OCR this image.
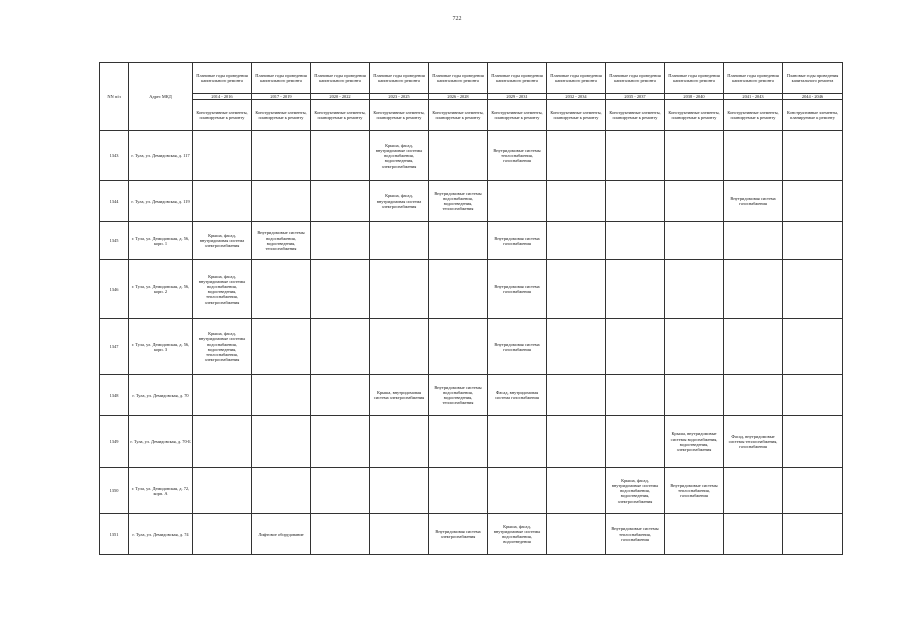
722
NN п/п	Адрес МКД	Плановые годы проведения капитального ремонта	Плановые годы проведения капитального ремонта	Плановые годы проведения капитального ремонта	Плановые годы проведения капитального ремонта	Плановые годы проведения капитального ремонта	Плановые годы проведения капитального ремонта	Плановые годы проведения капитального ремонта	Плановые годы проведения капитального ремонта	Плановые годы проведения капитального ремонта	Плановые годы проведения капитального ремонта	Плановые годы проведения капитального ремонта
		2014 - 2016	2017 - 2019	2020 - 2022	2023 - 2025	2026 - 2028	2029 - 2031	2032 - 2034	2035 - 2037	2038 - 2040	2041 - 2043	2044 - 2046
		Конструктивные элементы, планируемые к ремонту	Конструктивные элементы, планируемые к ремонту	Конструктивные элементы, планируемые к ремонту	Конструктивные элементы, планируемые к ремонту	Конструктивные элементы, планируемые к ремонту	Конструктивные элементы, планируемые к ремонту	Конструктивные элементы, планируемые к ремонту	Конструктивные элементы, планируемые к ремонту	Конструктивные элементы, планируемые к ремонту	Конструктивные элементы, планируемые к ремонту	Конструктивные элементы, планируемые к ремонту
1343	г. Тула, ул. Демидовская, д. 117				Крыша, фасад, внутридомовые системы водоснабжения, водоотведения, электроснабжения		Внутридомовые системы теплоснабжения, газоснабжения					
1344	г. Тула, ул. Демидовская, д. 119				Крыша, фасад, внутридомовая система электроснабжения	Внутридомовые системы водоснабжения, водоотведения, теплоснабжения					Внутридомовая система газоснабжения	
1345	г. Тула, ул. Демидовская, д. 56, корп. 1	Крыша, фасад, внутридомовая система электроснабжения	Внутридомовые системы водоснабжения, водоотведения, теплоснабжения				Внутридомовая система газоснабжения					
1346	г. Тула, ул. Демидовская, д. 56, корп. 2	Крыша, фасад, внутридомовые системы водоснабжения, водоотведения, теплоснабжения, электроснабжения					Внутридомовая система газоснабжения					
1347	г. Тула, ул. Демидовская, д. 56, корп. 3	Крыша, фасад, внутридомовые системы водоснабжения, водоотведения, теплоснабжения, электроснабжения					Внутридомовая система газоснабжения					
1348	г. Тула, ул. Демидовская, д. 70				Крыша, внутридомовая система электроснабжения	Внутридомовые системы водоснабжения, водоотведения, теплоснабжения	Фасад, внутридомовая система газоснабжения					
1349	г. Тула, ул. Демидовская, д. 70-Б									Крыша, внутридомовые системы водоснабжения, водоотведения, электроснабжения	Фасад, внутридомовые системы теплоснабжения, газоснабжения	
1350	г. Тула, ул. Демидовская, д. 72, корп. А								Крыша, фасад, внутридомовые системы водоснабжения, водоотведения, электроснабжения	Внутридомовые системы теплоснабжения, газоснабжения		
1351	г. Тула, ул. Демидовская, д. 74		Лифтовое оборудование			Внутридомовая система электроснабжения	Крыша, фасад, внутридомовые системы водоснабжения, водоотведения		Внутридомовые системы теплоснабжения, газоснабжения			
